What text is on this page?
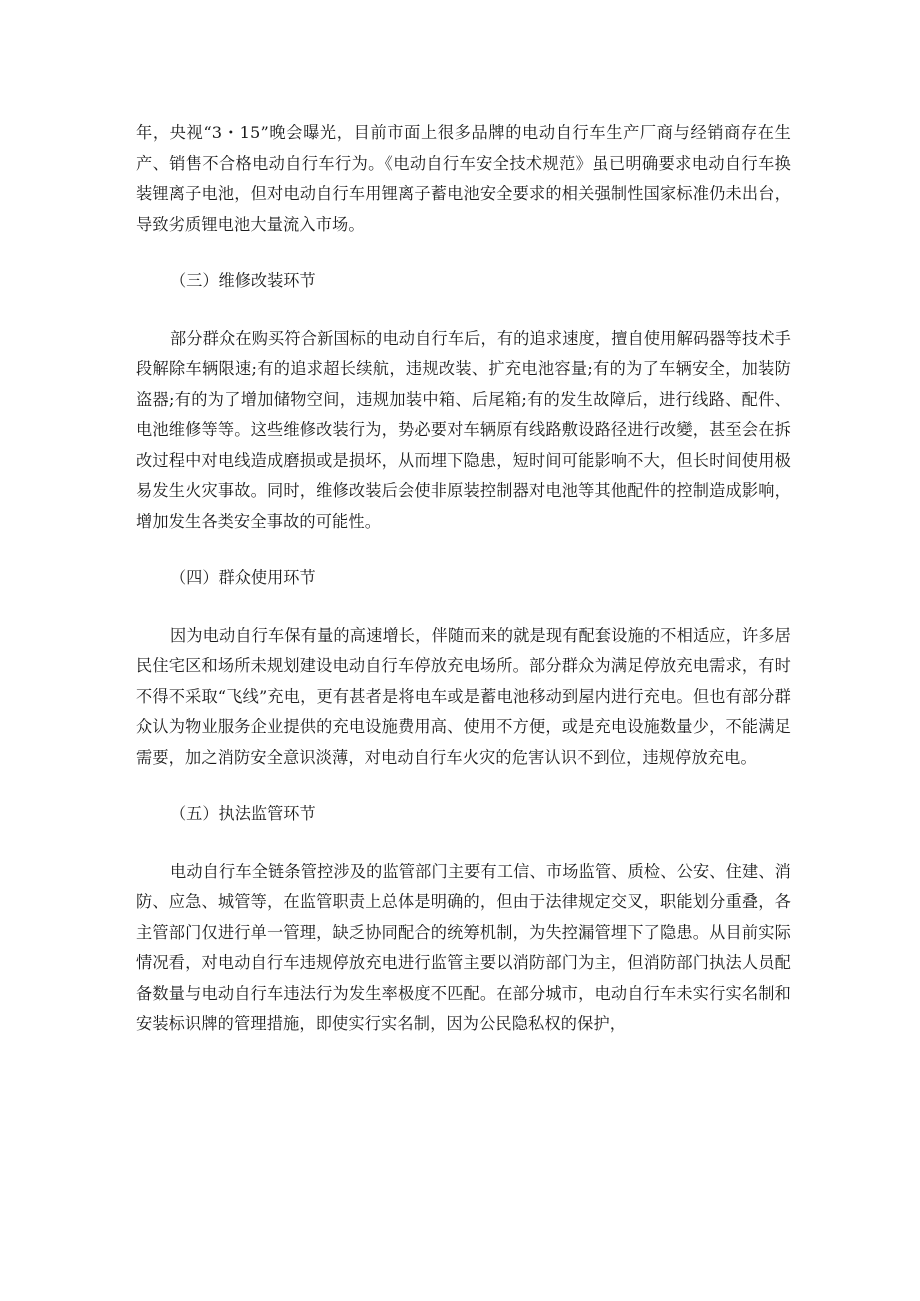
年，央视“3・15”晚会曝光，目前市面上很多品牌的电动自行车生产厂商与经销商存在生产、销售不合格电动自行车行为。《电动自行车安全技术规范》虽已明确要求电动自行车换装锂离子电池，但对电动自行车用锂离子蓄电池安全要求的相关强制性国家标准仍未出台，导致劣质锂电池大量流入市场。

（三）维修改装环节

部分群众在购买符合新国标的电动自行车后，有的追求速度，擅自使用解码器等技术手段解除车辆限速;有的追求超长续航，违规改装、扩充电池容量;有的为了车辆安全，加装防盗器;有的为了增加储物空间，违规加装中箱、后尾箱;有的发生故障后，进行线路、配件、电池维修等等。这些维修改装行为，势必要对车辆原有线路敷设路径进行改變，甚至会在拆改过程中对电线造成磨损或是损坏，从而埋下隐患，短时间可能影响不大，但长时间使用极易发生火灾事故。同时，维修改装后会使非原装控制器对电池等其他配件的控制造成影响，增加发生各类安全事故的可能性。

（四）群众使用环节

因为电动自行车保有量的高速增长，伴随而来的就是现有配套设施的不相适应，许多居民住宅区和场所未规划建设电动自行车停放充电场所。部分群众为满足停放充电需求，有时不得不采取“飞线”充电，更有甚者是将电车或是蓄电池移动到屋内进行充电。但也有部分群众认为物业服务企业提供的充电设施费用高、使用不方便，或是充电设施数量少，不能满足需要，加之消防安全意识淡薄，对电动自行车火灾的危害认识不到位，违规停放充电。

（五）执法监管环节

电动自行车全链条管控涉及的监管部门主要有工信、市场监管、质检、公安、住建、消防、应急、城管等，在监管职责上总体是明确的，但由于法律规定交叉，职能划分重叠，各主管部门仅进行单一管理，缺乏协同配合的统筹机制，为失控漏管埋下了隐患。从目前实际情况看，对电动自行车违规停放充电进行监管主要以消防部门为主，但消防部门执法人员配备数量与电动自行车违法行为发生率极度不匹配。在部分城市，电动自行车未实行实名制和安装标识牌的管理措施，即使实行实名制，因为公民隐私权的保护，
